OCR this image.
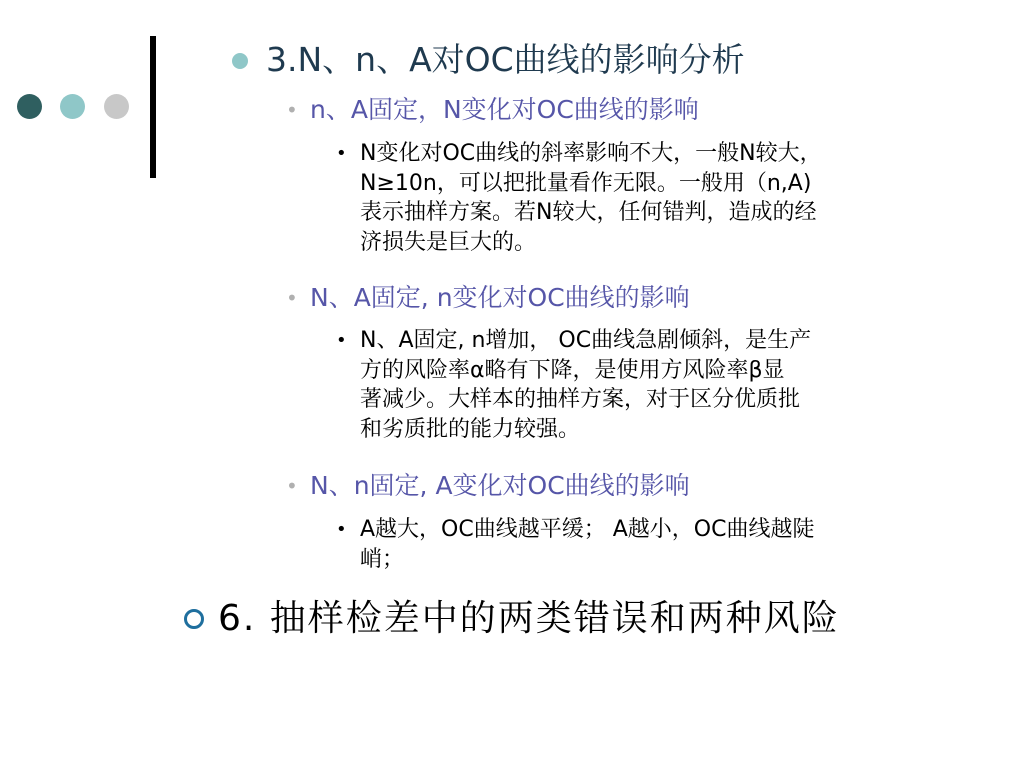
3.N、n、A对OC曲线的影响分析
• n、A固定，N变化对OC曲线的影响
• N变化对OC曲线的斜率影响不大，一般N较大，
N≥10n，可以把批量看作无限。一般用（n,A)
表示抽样方案。若N较大，任何错判，造成的经
济损失是巨大的。
• N、A固定, n变化对OC曲线的影响
• N、A固定, n增加， OC曲线急剧倾斜，是生产
方的风险率α略有下降，是使用方风险率β显
著减少。大样本的抽样方案，对于区分优质批
和劣质批的能力较强。
• N、n固定, A变化对OC曲线的影响
• A越大，OC曲线越平缓； A越小，OC曲线越陡
峭；
6. 抽样检差中的两类错误和两种风险
